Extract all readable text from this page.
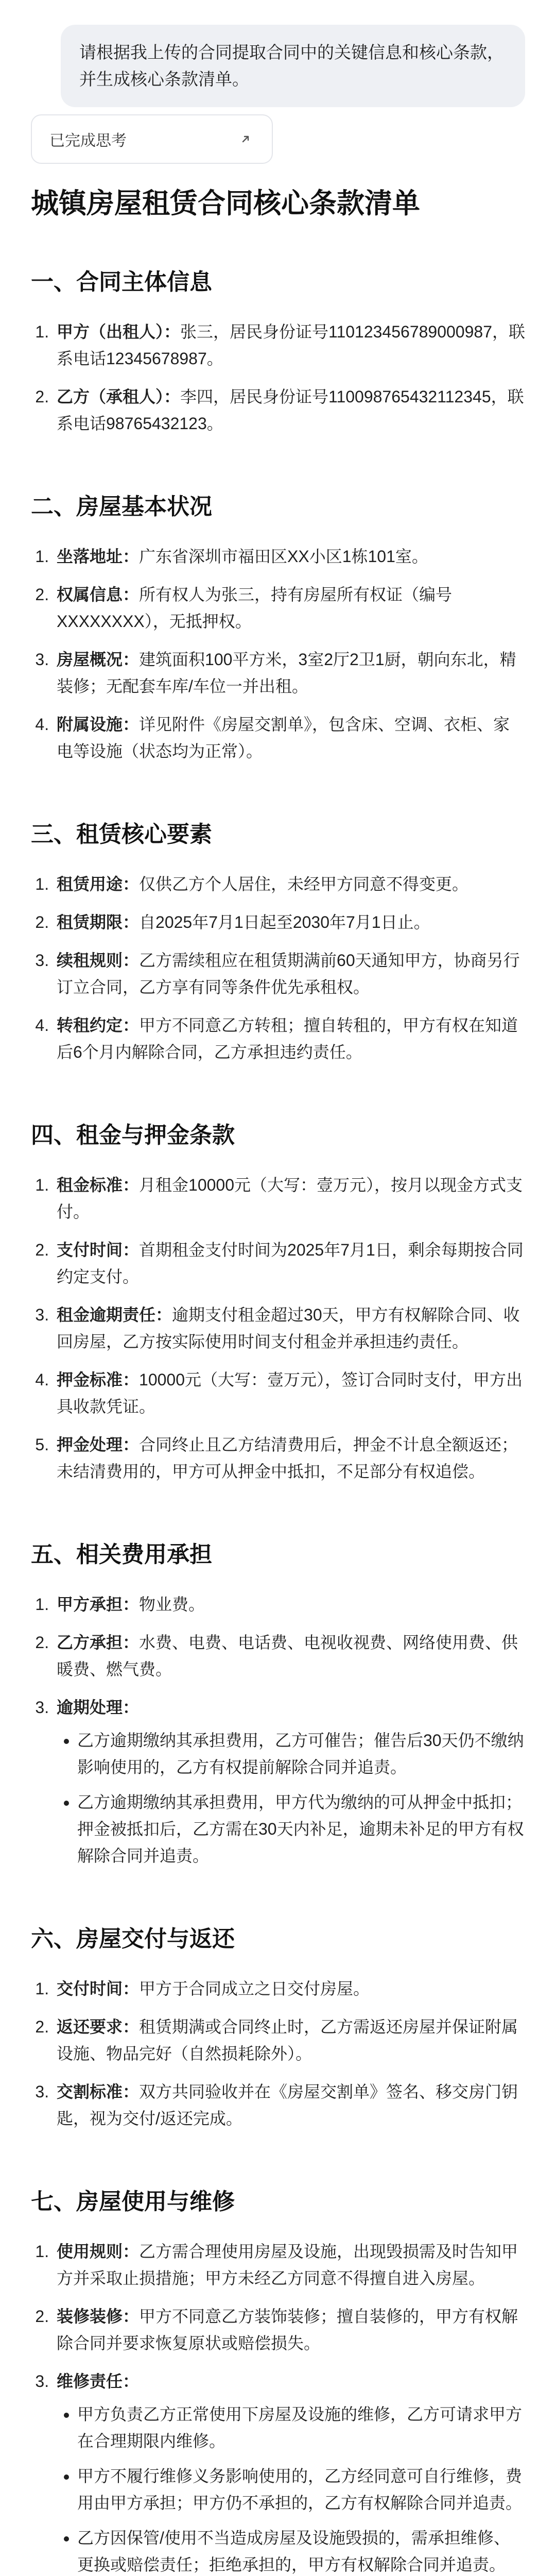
请根据我上传的合同提取合同中的关键信息和核心条款，并生成核心条款清单。
已完成思考
城镇房屋租赁合同核心条款清单
一、合同主体信息
1. 甲方（出租人）：张三，居民身份证号110123456789000987，联系电话12345678987。
2. 乙方（承租人）：李四，居民身份证号110098765432112345，联系电话98765432123。
二、房屋基本状况
1. 坐落地址：广东省深圳市福田区XX小区1栋101室。
2. 权属信息：所有权人为张三，持有房屋所有权证（编号XXXXXXXX），无抵押权。
3. 房屋概况：建筑面积100平方米，3室2厅2卫1厨，朝向东北，精装修；无配套车库/车位一并出租。
4. 附属设施：详见附件《房屋交割单》，包含床、空调、衣柜、家电等设施（状态均为正常）。
三、租赁核心要素
1. 租赁用途：仅供乙方个人居住，未经甲方同意不得变更。
2. 租赁期限：自2025年7月1日起至2030年7月1日止。
3. 续租规则：乙方需续租应在租赁期满前60天通知甲方，协商另行订立合同，乙方享有同等条件优先承租权。
4. 转租约定：甲方不同意乙方转租；擅自转租的，甲方有权在知道后6个月内解除合同，乙方承担违约责任。
四、租金与押金条款
1. 租金标准：月租金10000元（大写：壹万元），按月以现金方式支付。
2. 支付时间：首期租金支付时间为2025年7月1日，剩余每期按合同约定支付。
3. 租金逾期责任：逾期支付租金超过30天，甲方有权解除合同、收回房屋，乙方按实际使用时间支付租金并承担违约责任。
4. 押金标准：10000元（大写：壹万元），签订合同时支付，甲方出具收款凭证。
5. 押金处理：合同终止且乙方结清费用后，押金不计息全额返还；未结清费用的，甲方可从押金中抵扣，不足部分有权追偿。
五、相关费用承担
1. 甲方承担：物业费。
2. 乙方承担：水费、电费、电话费、电视收视费、网络使用费、供暖费、燃气费。
3. 逾期处理：
• 乙方逾期缴纳其承担费用，乙方可催告；催告后30天仍不缴纳影响使用的，乙方有权提前解除合同并追责。
• 乙方逾期缴纳其承担费用，甲方代为缴纳的可从押金中抵扣；押金被抵扣后，乙方需在30天内补足，逾期未补足的甲方有权解除合同并追责。
六、房屋交付与返还
1. 交付时间：甲方于合同成立之日交付房屋。
2. 返还要求：租赁期满或合同终止时，乙方需返还房屋并保证附属设施、物品完好（自然损耗除外）。
3. 交割标准：双方共同验收并在《房屋交割单》签名、移交房门钥匙，视为交付/返还完成。
七、房屋使用与维修
1. 使用规则：乙方需合理使用房屋及设施，出现毁损需及时告知甲方并采取止损措施；甲方未经乙方同意不得擅自进入房屋。
2. 装修装修：甲方不同意乙方装饰装修；擅自装修的，甲方有权解除合同并要求恢复原状或赔偿损失。
3. 维修责任：
• 甲方负责乙方正常使用下房屋及设施的维修，乙方可请求甲方在合理期限内维修。
• 甲方不履行维修义务影响使用的，乙方经同意可自行维修，费用由甲方承担；甲方仍不承担的，乙方有权解除合同并追责。
• 乙方因保管/使用不当造成房屋及设施毁损的，需承担维修、更换或赔偿责任；拒绝承担的，甲方有权解除合同并追责。
